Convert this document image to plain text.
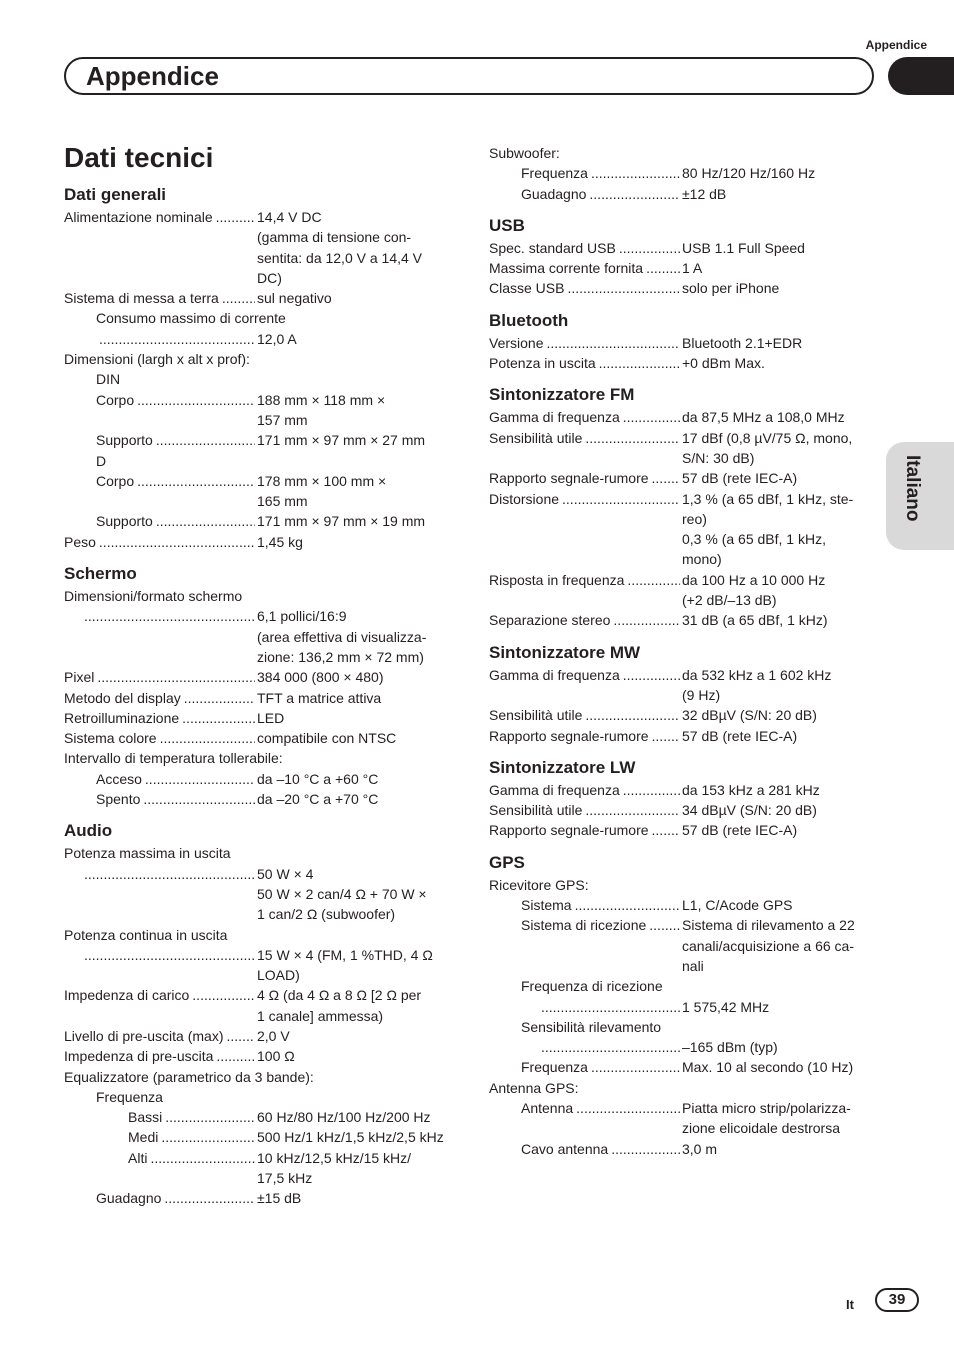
Appendice
Appendice
Italiano
Dati tecnici
Dati generali
Alimentazione nominale .....	14,4 V DC
(gamma di tensione con-
sentita: da 12,0 V a 14,4 V
DC)
Sistema di messa a terra .....	sul negativo
Consumo massimo di corrente
.....
12,0 A
Dimensioni (largh x alt x prof):
DIN
Corpo .....	188 mm × 118 mm ×
157 mm
Supporto .....	171 mm × 97 mm × 27 mm
D
Corpo .....	178 mm × 100 mm ×
165 mm
Supporto .....	171 mm × 97 mm × 19 mm
Peso .....	1,45 kg
Schermo
Dimensioni/formato schermo
.....
6,1 pollici/16:9
(area effettiva di visualizza-
zione: 136,2 mm × 72 mm)
Pixel .....	384 000 (800 × 480)
Metodo del display .....	TFT a matrice attiva
Retroilluminazione .....	LED
Sistema colore .....	compatibile con NTSC
Intervallo di temperatura tollerabile:
Acceso .....	da –10 °C a +60 °C
Spento .....	da –20 °C a +70 °C
Audio
Potenza massima in uscita
.....
50 W × 4
50 W × 2 can/4 Ω + 70 W ×
1 can/2 Ω (subwoofer)
Potenza continua in uscita
.....
15 W × 4 (FM, 1 %THD, 4 Ω
LOAD)
Impedenza di carico .....	4 Ω (da 4 Ω a 8 Ω [2 Ω per
1 canale] ammessa)
Livello di pre-uscita (max) ..... 2,0 V
Impedenza di pre-uscita .....	100 Ω
Equalizzatore (parametrico da 3 bande):
Frequenza
Bassi .....	60 Hz/80 Hz/100 Hz/200 Hz
Medi .....	500 Hz/1 kHz/1,5 kHz/2,5 kHz
Alti .....	10 kHz/12,5 kHz/15 kHz/
17,5 kHz
Guadagno .....	±15 dB
Subwoofer:
Frequenza .....	80 Hz/120 Hz/160 Hz
Guadagno .....	±12 dB
USB
Spec. standard USB .....	USB 1.1 Full Speed
Massima corrente fornita .....	1 A
Classe USB .....	solo per iPhone
Bluetooth
Versione .....	Bluetooth 2.1+EDR
Potenza in uscita .....	+0 dBm Max.
Sintonizzatore FM
Gamma di frequenza .....	da 87,5 MHz a 108,0 MHz
Sensibilità utile .....	17 dBf (0,8 µV/75 Ω, mono,
S/N: 30 dB)
Rapporto segnale-rumore ..... 57 dB (rete IEC-A)
Distorsione .....	1,3 % (a 65 dBf, 1 kHz, ste-
reo)
0,3 % (a 65 dBf, 1 kHz,
mono)
Risposta in frequenza .....	da 100 Hz a 10 000 Hz
(+2 dB/–13 dB)
Separazione stereo .....	31 dB (a 65 dBf, 1 kHz)
Sintonizzatore MW
Gamma di frequenza .....	da 532 kHz a 1 602 kHz
(9 Hz)
Sensibilità utile .....	32 dBµV (S/N: 20 dB)
Rapporto segnale-rumore ..... 57 dB (rete IEC-A)
Sintonizzatore LW
Gamma di frequenza .....	da 153 kHz a 281 kHz
Sensibilità utile .....	34 dBµV (S/N: 20 dB)
Rapporto segnale-rumore ..... 57 dB (rete IEC-A)
GPS
Ricevitore GPS:
Sistema .....	L1, C/Acode GPS
Sistema di ricezione .....	Sistema di rilevamento a 22
canali/acquisizione a 66 ca-
nali
Frequenza di ricezione
.....
1 575,42 MHz
Sensibilità rilevamento
.....
–165 dBm (typ)
Frequenza .....	Max. 10 al secondo (10 Hz)
Antenna GPS:
Antenna .....	Piatta micro strip/polarizza-
zione elicoidale destrorsa
Cavo antenna .....	3,0 m
It	39
